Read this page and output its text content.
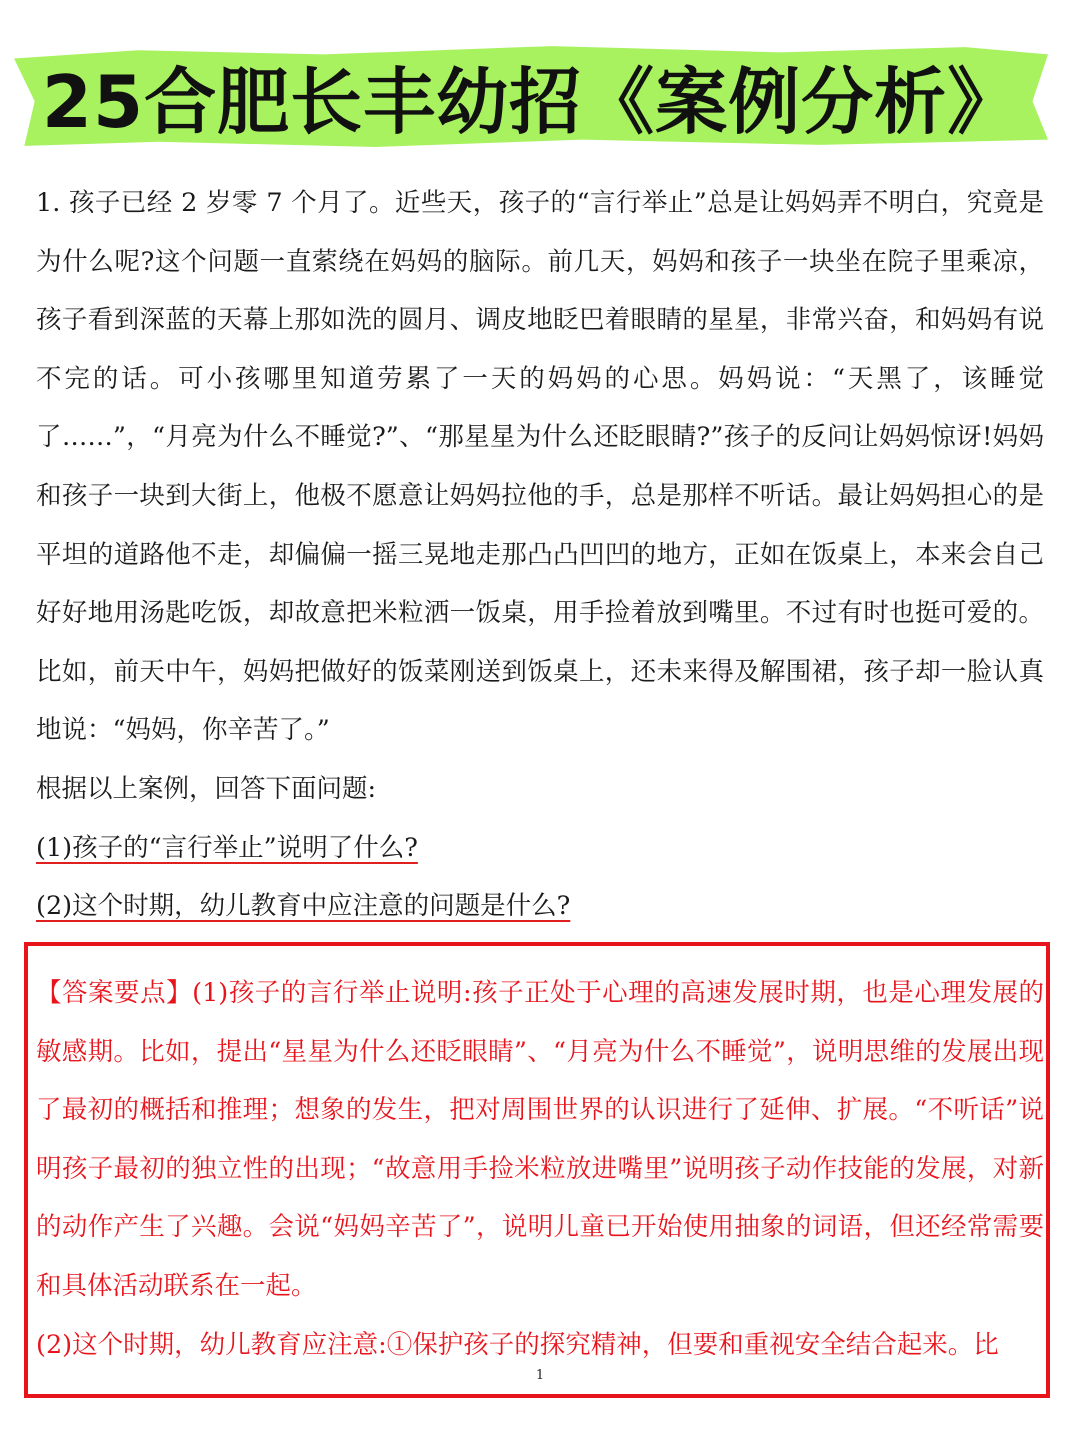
25合肥长丰幼招《案例分析》

1. 孩子已经 2 岁零 7 个月了。近些天，孩子的“言行举止”总是让妈妈弄不明白，究竟是为什么呢?这个问题一直萦绕在妈妈的脑际。前几天，妈妈和孩子一块坐在院子里乘凉，孩子看到深蓝的天幕上那如洗的圆月、调皮地眨巴着眼睛的星星，非常兴奋，和妈妈有说不完的话。可小孩哪里知道劳累了一天的妈妈的心思。妈妈说：“天黑了，该睡觉了……”，“月亮为什么不睡觉?”、“那星星为什么还眨眼睛?”孩子的反问让妈妈惊讶!妈妈和孩子一块到大街上，他极不愿意让妈妈拉他的手，总是那样不听话。最让妈妈担心的是平坦的道路他不走，却偏偏一摇三晃地走那凸凸凹凹的地方，正如在饭桌上，本来会自己好好地用汤匙吃饭，却故意把米粒洒一饭桌，用手捡着放到嘴里。不过有时也挺可爱的。比如，前天中午，妈妈把做好的饭菜刚送到饭桌上，还未来得及解围裙，孩子却一脸认真地说：“妈妈，你辛苦了。”

根据以上案例，回答下面问题:

(1)孩子的“言行举止”说明了什么?

(2)这个时期，幼儿教育中应注意的问题是什么?

【答案要点】(1)孩子的言行举止说明:孩子正处于心理的高速发展时期，也是心理发展的敏感期。比如，提出“星星为什么还眨眼睛”、“月亮为什么不睡觉”，说明思维的发展出现了最初的概括和推理；想象的发生，把对周围世界的认识进行了延伸、扩展。“不听话”说明孩子最初的独立性的出现；“故意用手捡米粒放进嘴里”说明孩子动作技能的发展，对新的动作产生了兴趣。会说“妈妈辛苦了”，说明儿童已开始使用抽象的词语，但还经常需要和具体活动联系在一起。

(2)这个时期，幼儿教育应注意:①保护孩子的探究精神，但要和重视安全结合起来。比

1
